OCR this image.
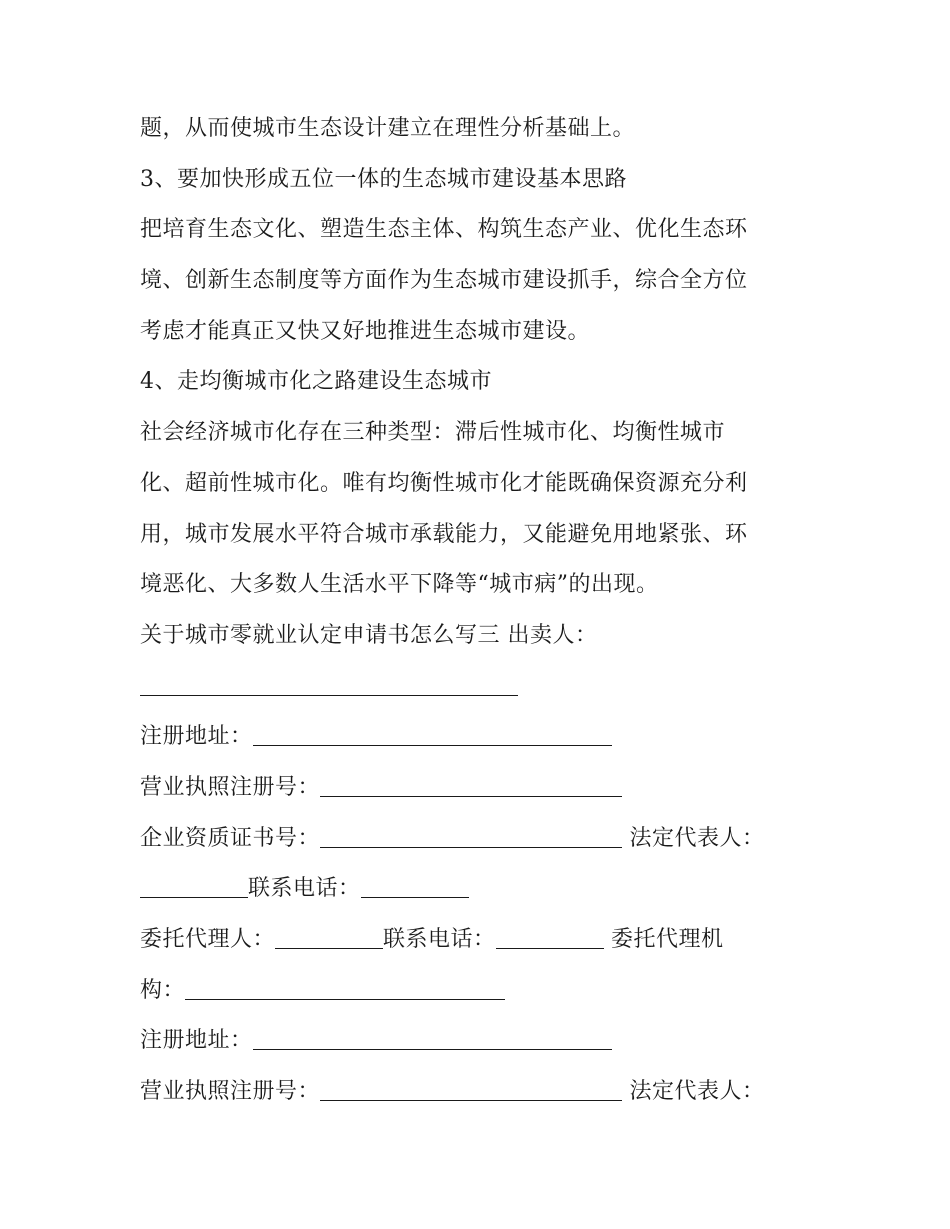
题，从而使城市生态设计建立在理性分析基础上。
3、要加快形成五位一体的生态城市建设基本思路
把培育生态文化、塑造生态主体、构筑生态产业、优化生态环
境、创新生态制度等方面作为生态城市建设抓手，综合全方位
考虑才能真正又快又好地推进生态城市建设。
4、走均衡城市化之路建设生态城市
社会经济城市化存在三种类型：滞后性城市化、均衡性城市
化、超前性城市化。唯有均衡性城市化才能既确保资源充分利
用，城市发展水平符合城市承载能力，又能避免用地紧张、环
境恶化、大多数人生活水平下降等“城市病”的出现。
关于城市零就业认定申请书怎么写三 出卖人：
注册地址：
营业执照注册号：
企业资质证书号：	法定代表人：
联系电话：
委托代理人：	联系电话：	委托代理机
构：
注册地址：
营业执照注册号：	法定代表人：
